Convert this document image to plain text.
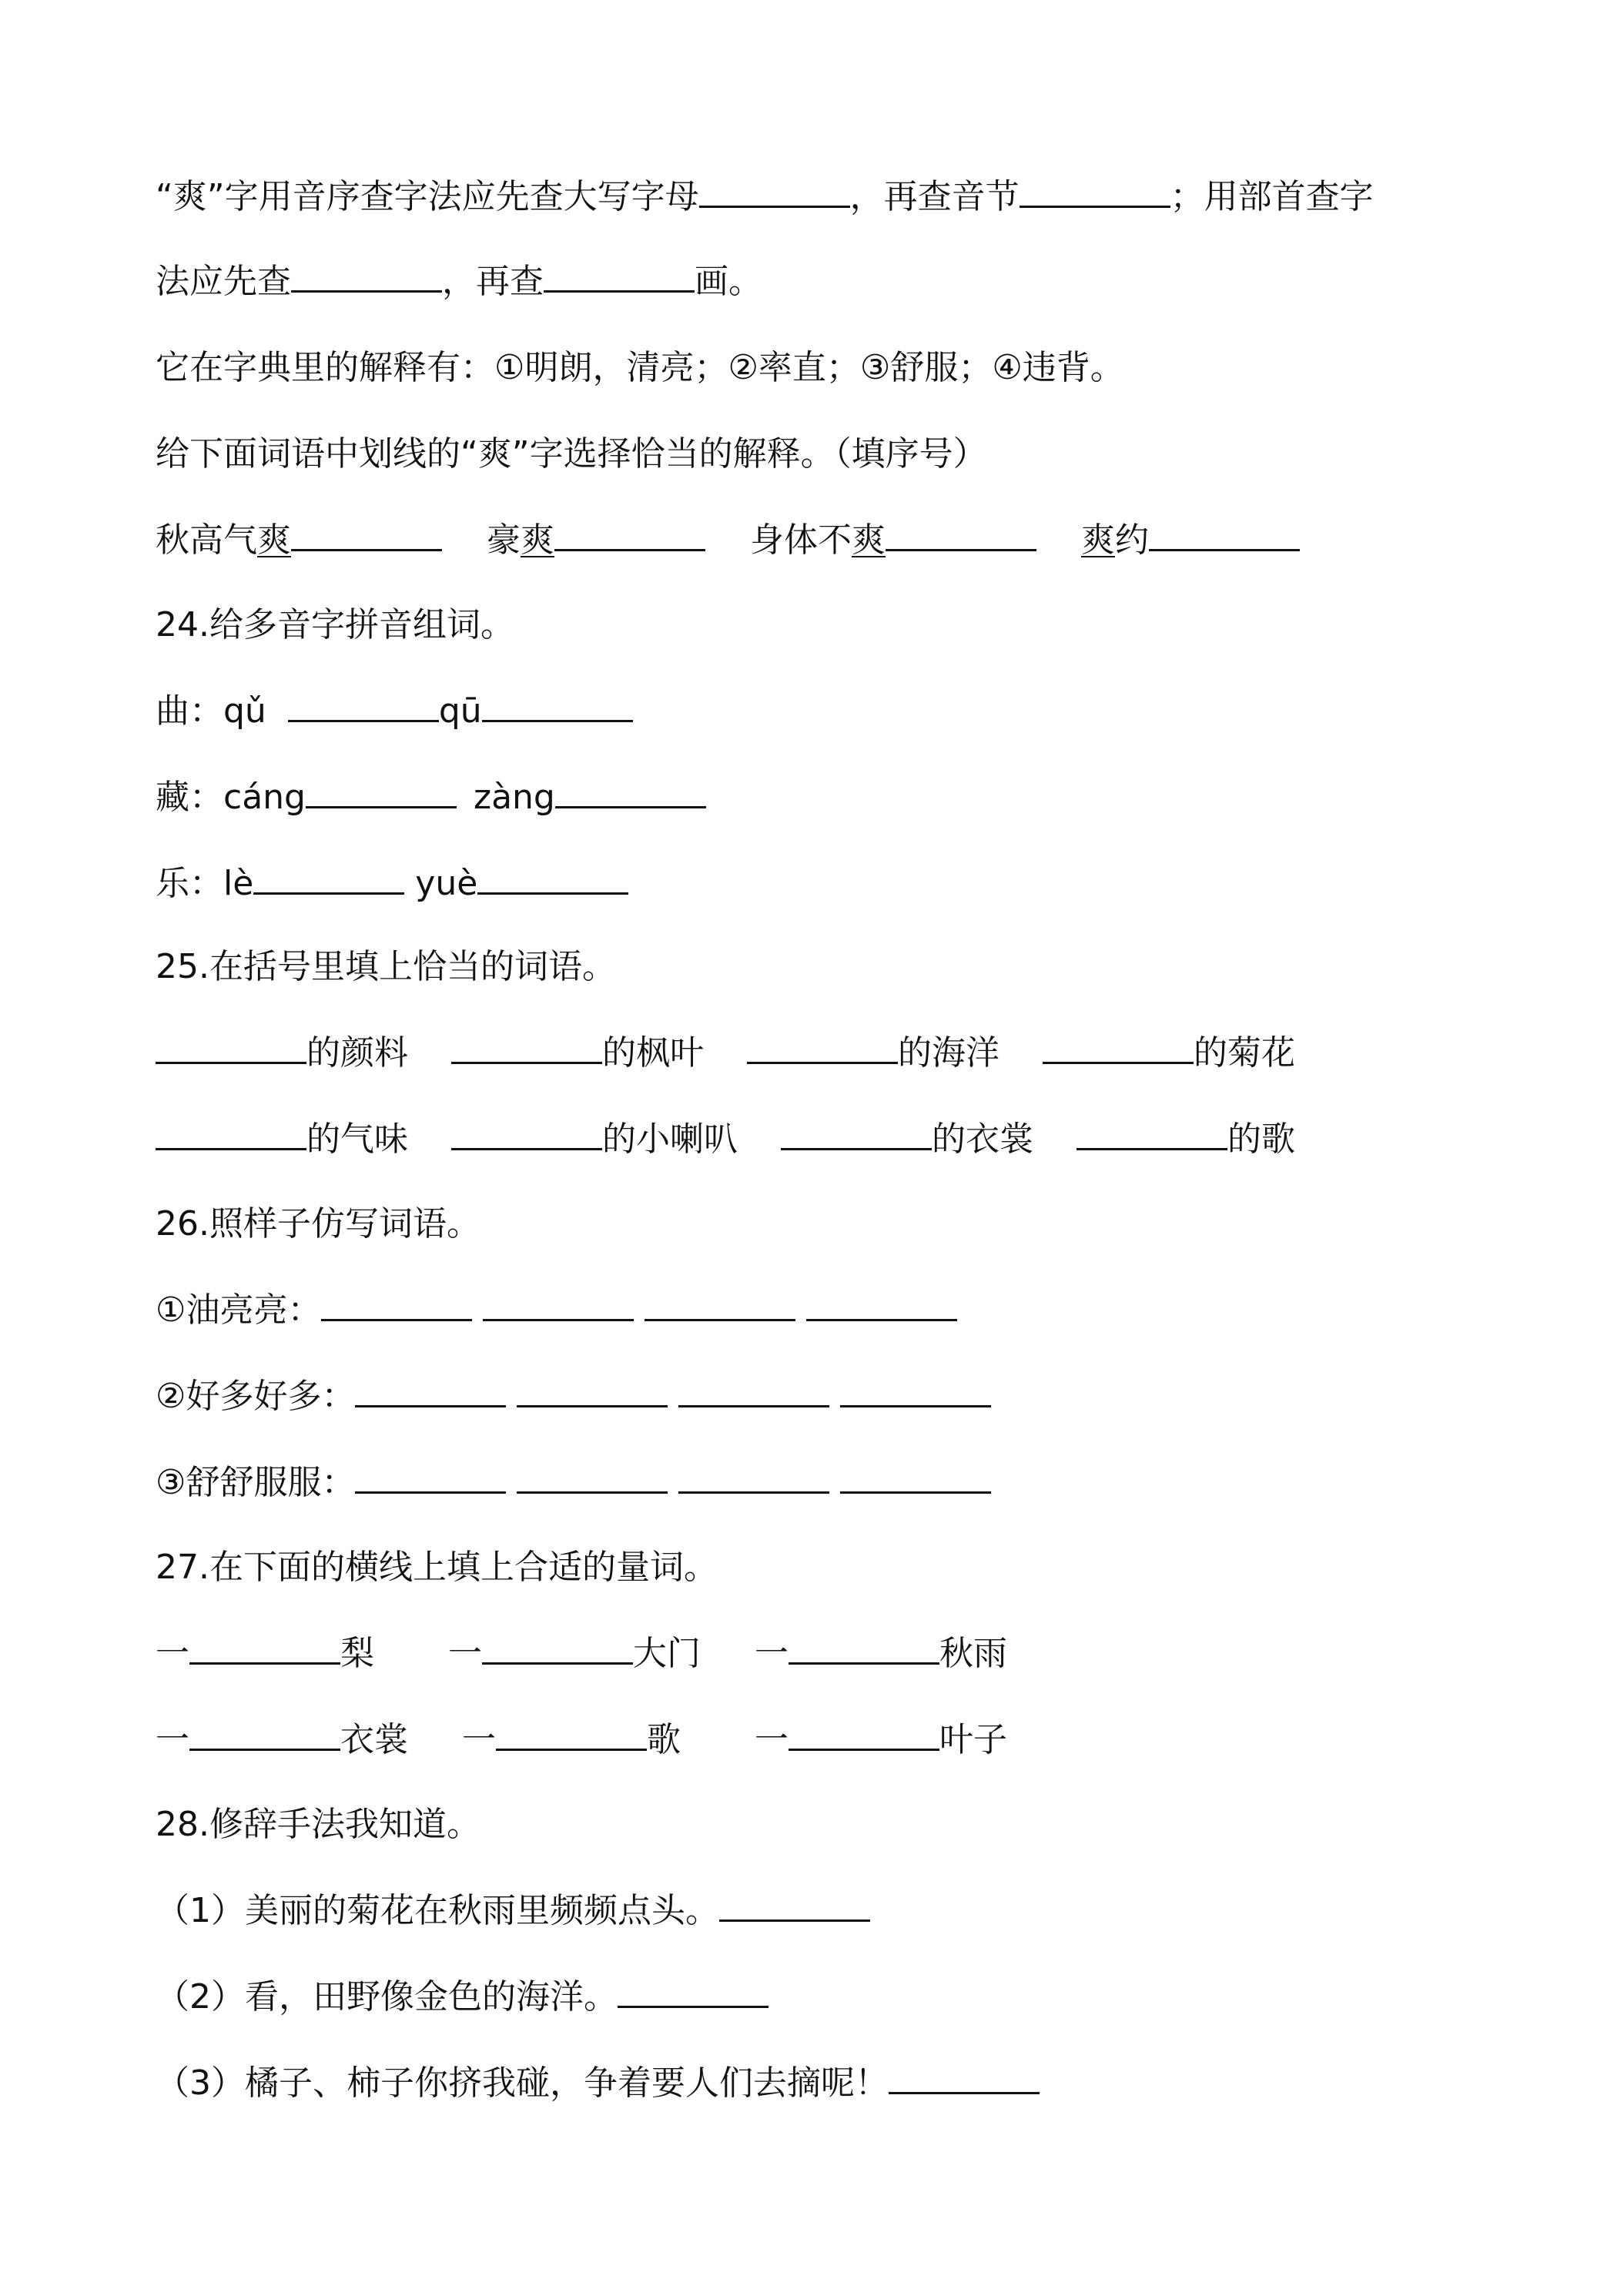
“爽”字用音序查字法应先查大写字母	，再查音节	；用部首查字
法应先查	，再查	画。
它在字典里的解释有：①明朗，清亮；②率直；③舒服；④违背。
给下面词语中划线的“爽”字选择恰当的解释。（填序号）
秋高气爽	豪爽	身体不爽	爽约
24.给多音字拼音组词。
曲：qǔ	qū
藏：cáng	zàng
乐：lè	yuè
25.在括号里填上恰当的词语。
的颜料	的枫叶	的海洋	的菊花
的气味	的小喇叭	的衣裳	的歌
26.照样子仿写词语。
①油亮亮：
②好多好多：
③舒舒服服：
27.在下面的横线上填上合适的量词。
一	梨 一	大门 一	秋雨
一	衣裳 一	歌 一	叶子
28.修辞手法我知道。
（1）美丽的菊花在秋雨里频频点头。
（2）看，田野像金色的海洋。
（3）橘子、柿子你挤我碰，争着要人们去摘呢！
